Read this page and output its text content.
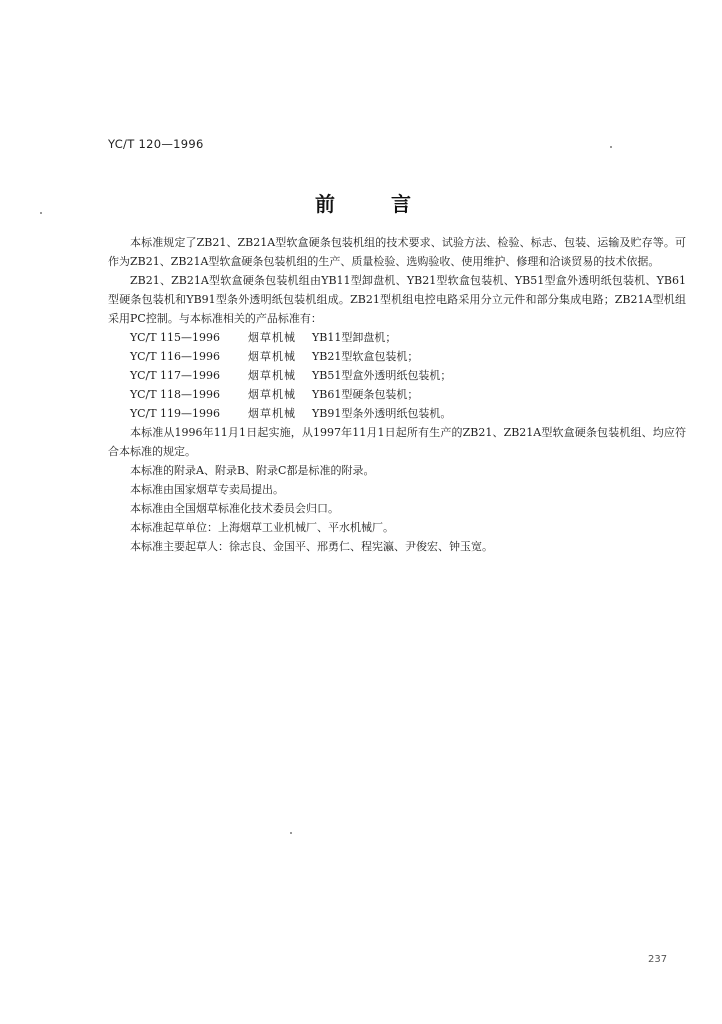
YC/T 120—1996
前言

本标准规定了ZB21、ZB21A型软盒硬条包装机组的技术要求、试验方法、检验、标志、包装、运输及贮存等。可作为ZB21、ZB21A型软盒硬条包装机组的生产、质量检验、选购验收、使用维护、修理和洽谈贸易的技术依据。

ZB21、ZB21A型软盒硬条包装机组由YB11型卸盘机、YB21型软盒包装机、YB51型盒外透明纸包装机、YB61型硬条包装机和YB91型条外透明纸包装机组成。ZB21型机组电控电路采用分立元件和部分集成电路；ZB21A型机组采用PC控制。与本标准相关的产品标准有：

YC/T 115—1996	烟草机械 YB11型卸盘机；
YC/T 116—1996	烟草机械 YB21型软盒包装机；
YC/T 117—1996	烟草机械 YB51型盒外透明纸包装机；
YC/T 118—1996	烟草机械 YB61型硬条包装机；
YC/T 119—1996	烟草机械 YB91型条外透明纸包装机。

本标准从1996年11月1日起实施，从1997年11月1日起所有生产的ZB21、ZB21A型软盒硬条包装机组、均应符合本标准的规定。

本标准的附录A、附录B、附录C都是标准的附录。

本标准由国家烟草专卖局提出。

本标准由全国烟草标准化技术委员会归口。

本标准起草单位：上海烟草工业机械厂、平水机械厂。

本标准主要起草人：徐志良、金国平、邢勇仁、程宪瀛、尹俊宏、钟玉宽。

237
